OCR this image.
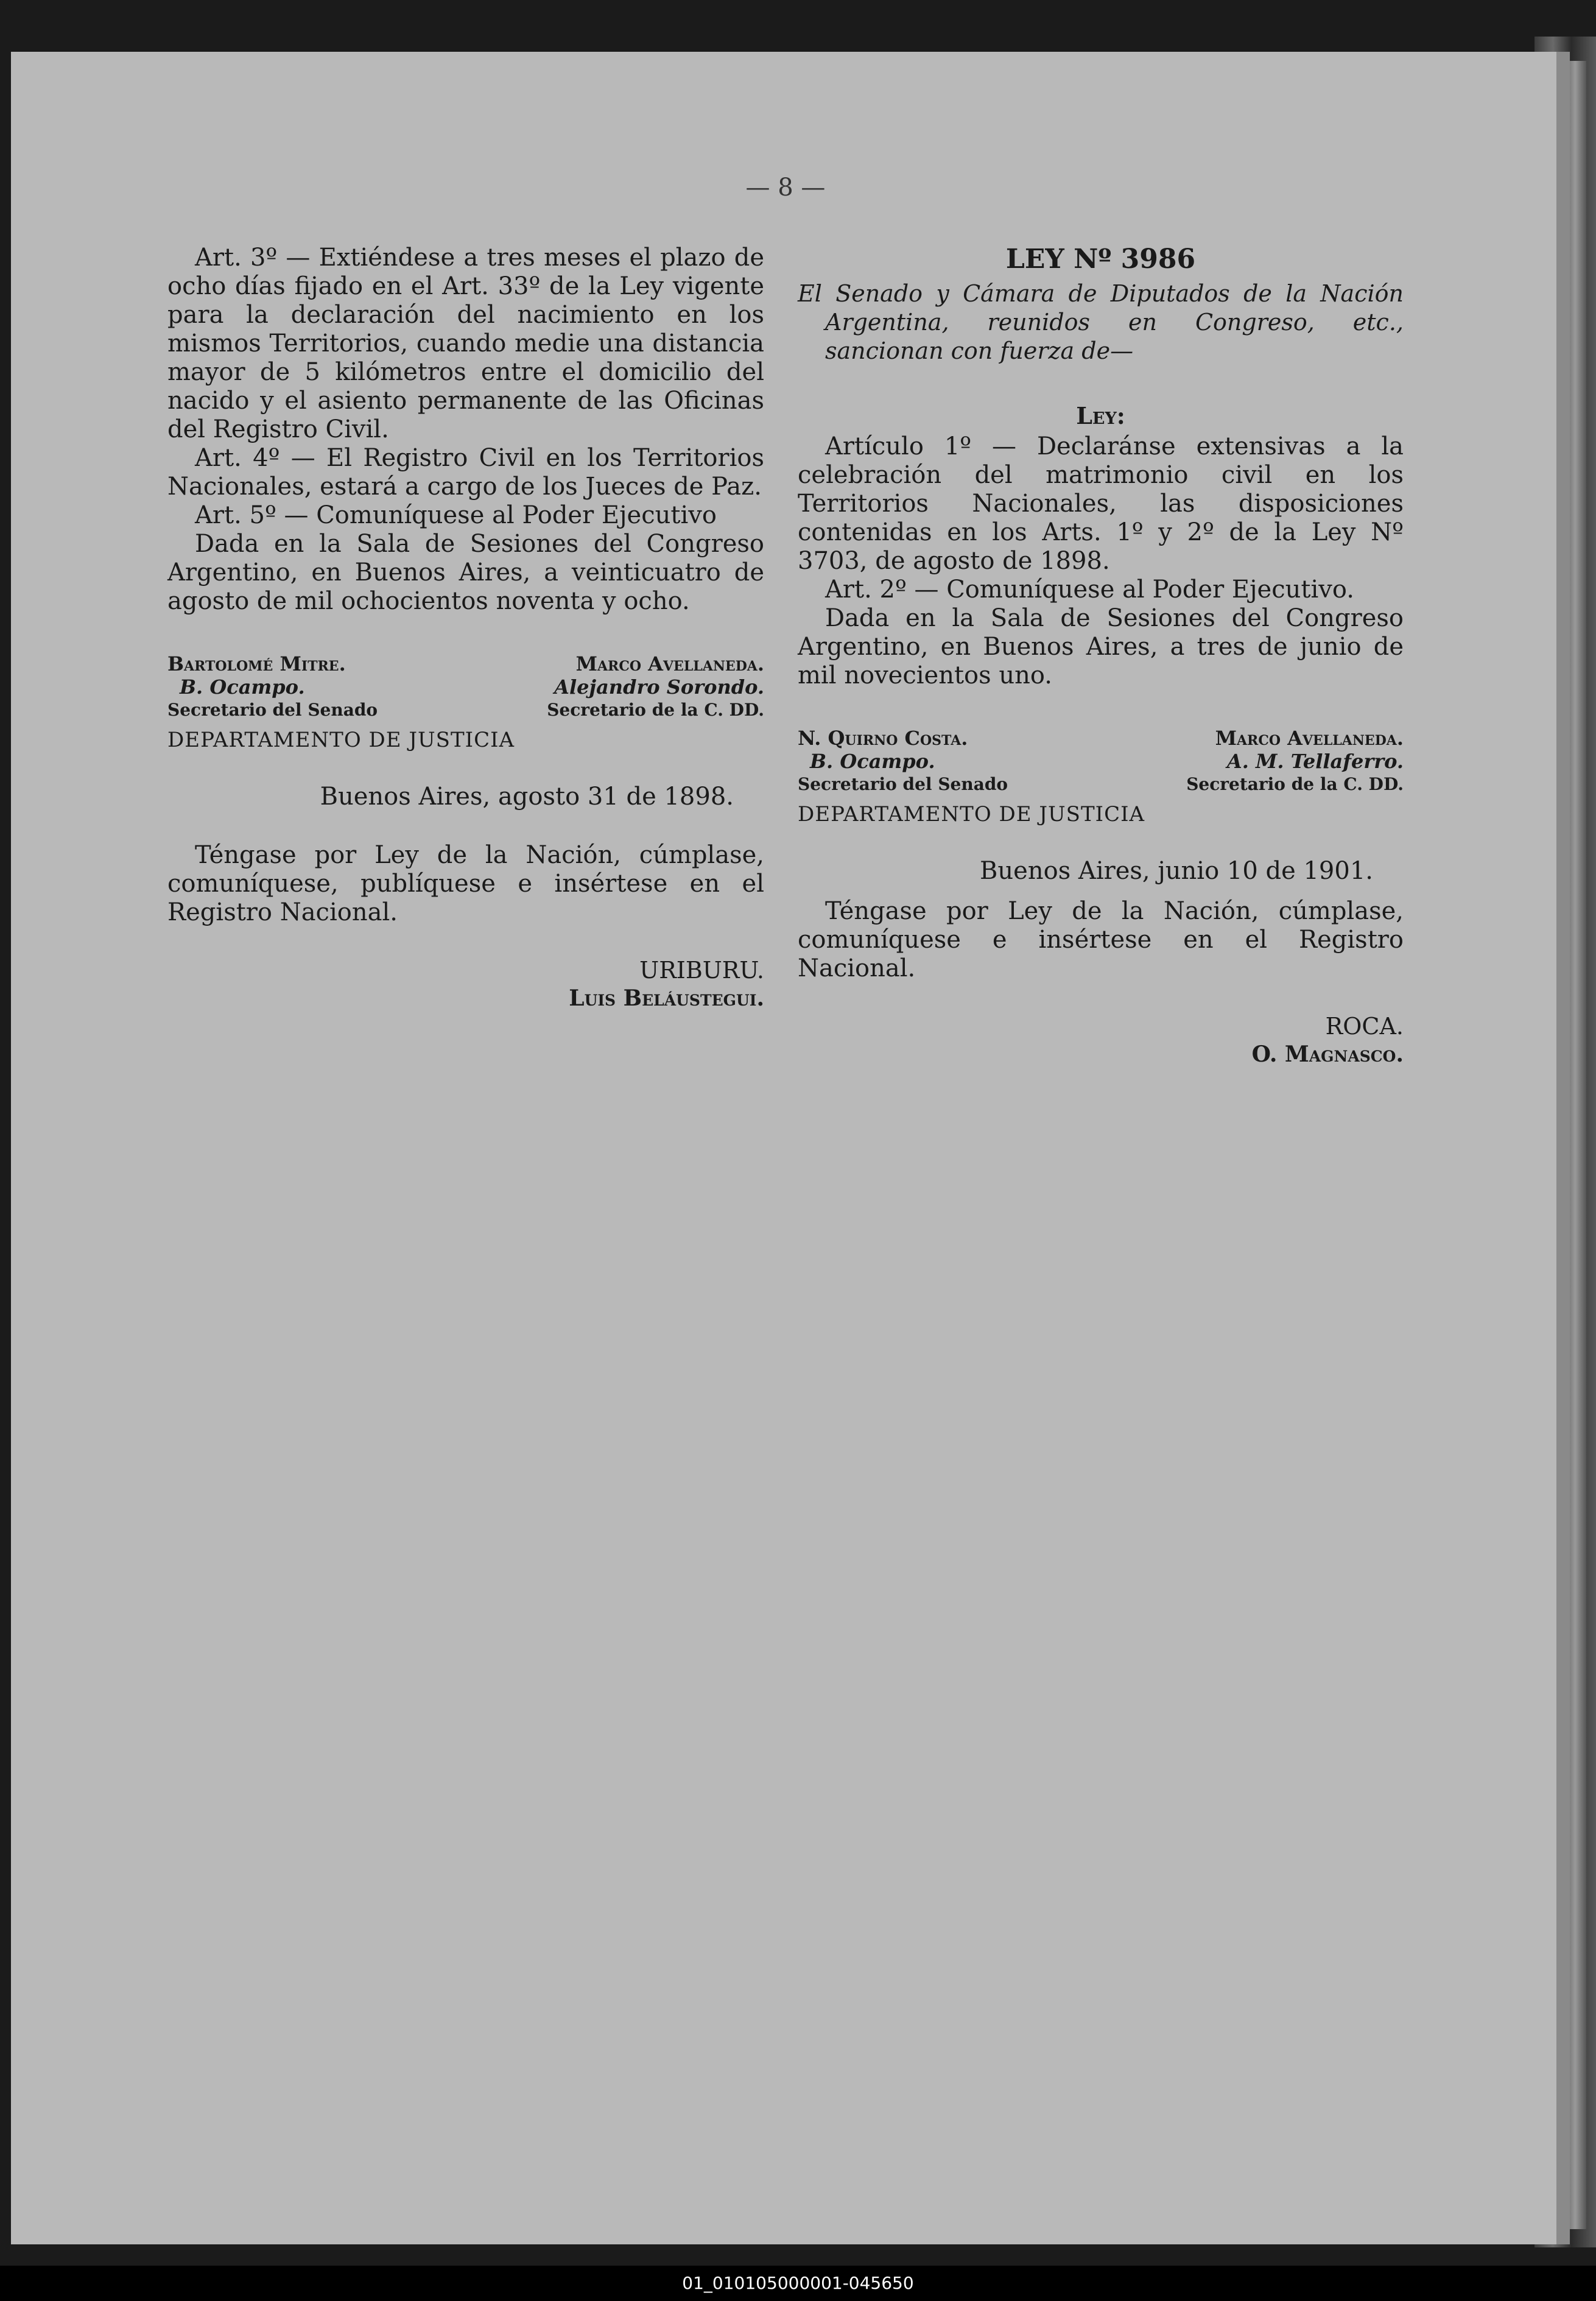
— 8 —

Art. 3º — Extiéndese a tres meses el plazo de ocho días fijado en el Art. 33º de la Ley vigente para la declaración del nacimiento en los mismos Territorios, cuando medie una distancia mayor de 5 kilómetros entre el domicilio del nacido y el asiento permanente de las Oficinas del Registro Civil.

Art. 4º — El Registro Civil en los Territorios Nacionales, estará a cargo de los Jueces de Paz.

Art. 5º — Comuníquese al Poder Ejecutivo

Dada en la Sala de Sesiones del Congreso Argentino, en Buenos Aires, a veinticuatro de agosto de mil ochocientos noventa y ocho.

Bartolomé Mitre.
B. Ocampo.
Secretario del Senado
Marco Avellaneda.
Alejandro Sorondo.
Secretario de la C. DD.
DEPARTAMENTO DE JUSTICIA
Buenos Aires, agosto 31 de 1898.

Téngase por Ley de la Nación, cúmplase, comuníquese, publíquese e insértese en el Registro Nacional.

URIBURU.
Luis Beláustegui.
LEY Nº 3986

El Senado y Cámara de Diputados de la Nación Argentina, reunidos en Congreso, etc., sancionan con fuerza de—

Ley:

Artículo 1º — Declaránse extensivas a la celebración del matrimonio civil en los Territorios Nacionales, las disposiciones contenidas en los Arts. 1º y 2º de la Ley Nº 3703, de agosto de 1898.

Art. 2º — Comuníquese al Poder Ejecutivo.

Dada en la Sala de Sesiones del Congreso Argentino, en Buenos Aires, a tres de junio de mil novecientos uno.

N. Quirno Costa.
B. Ocampo.
Secretario del Senado
Marco Avellaneda.
A. M. Tellaferro.
Secretario de la C. DD.
DEPARTAMENTO DE JUSTICIA
Buenos Aires, junio 10 de 1901.

Téngase por Ley de la Nación, cúmplase, comuníquese e insértese en el Registro Nacional.

ROCA.
O. Magnasco.
01_010105000001-045650
